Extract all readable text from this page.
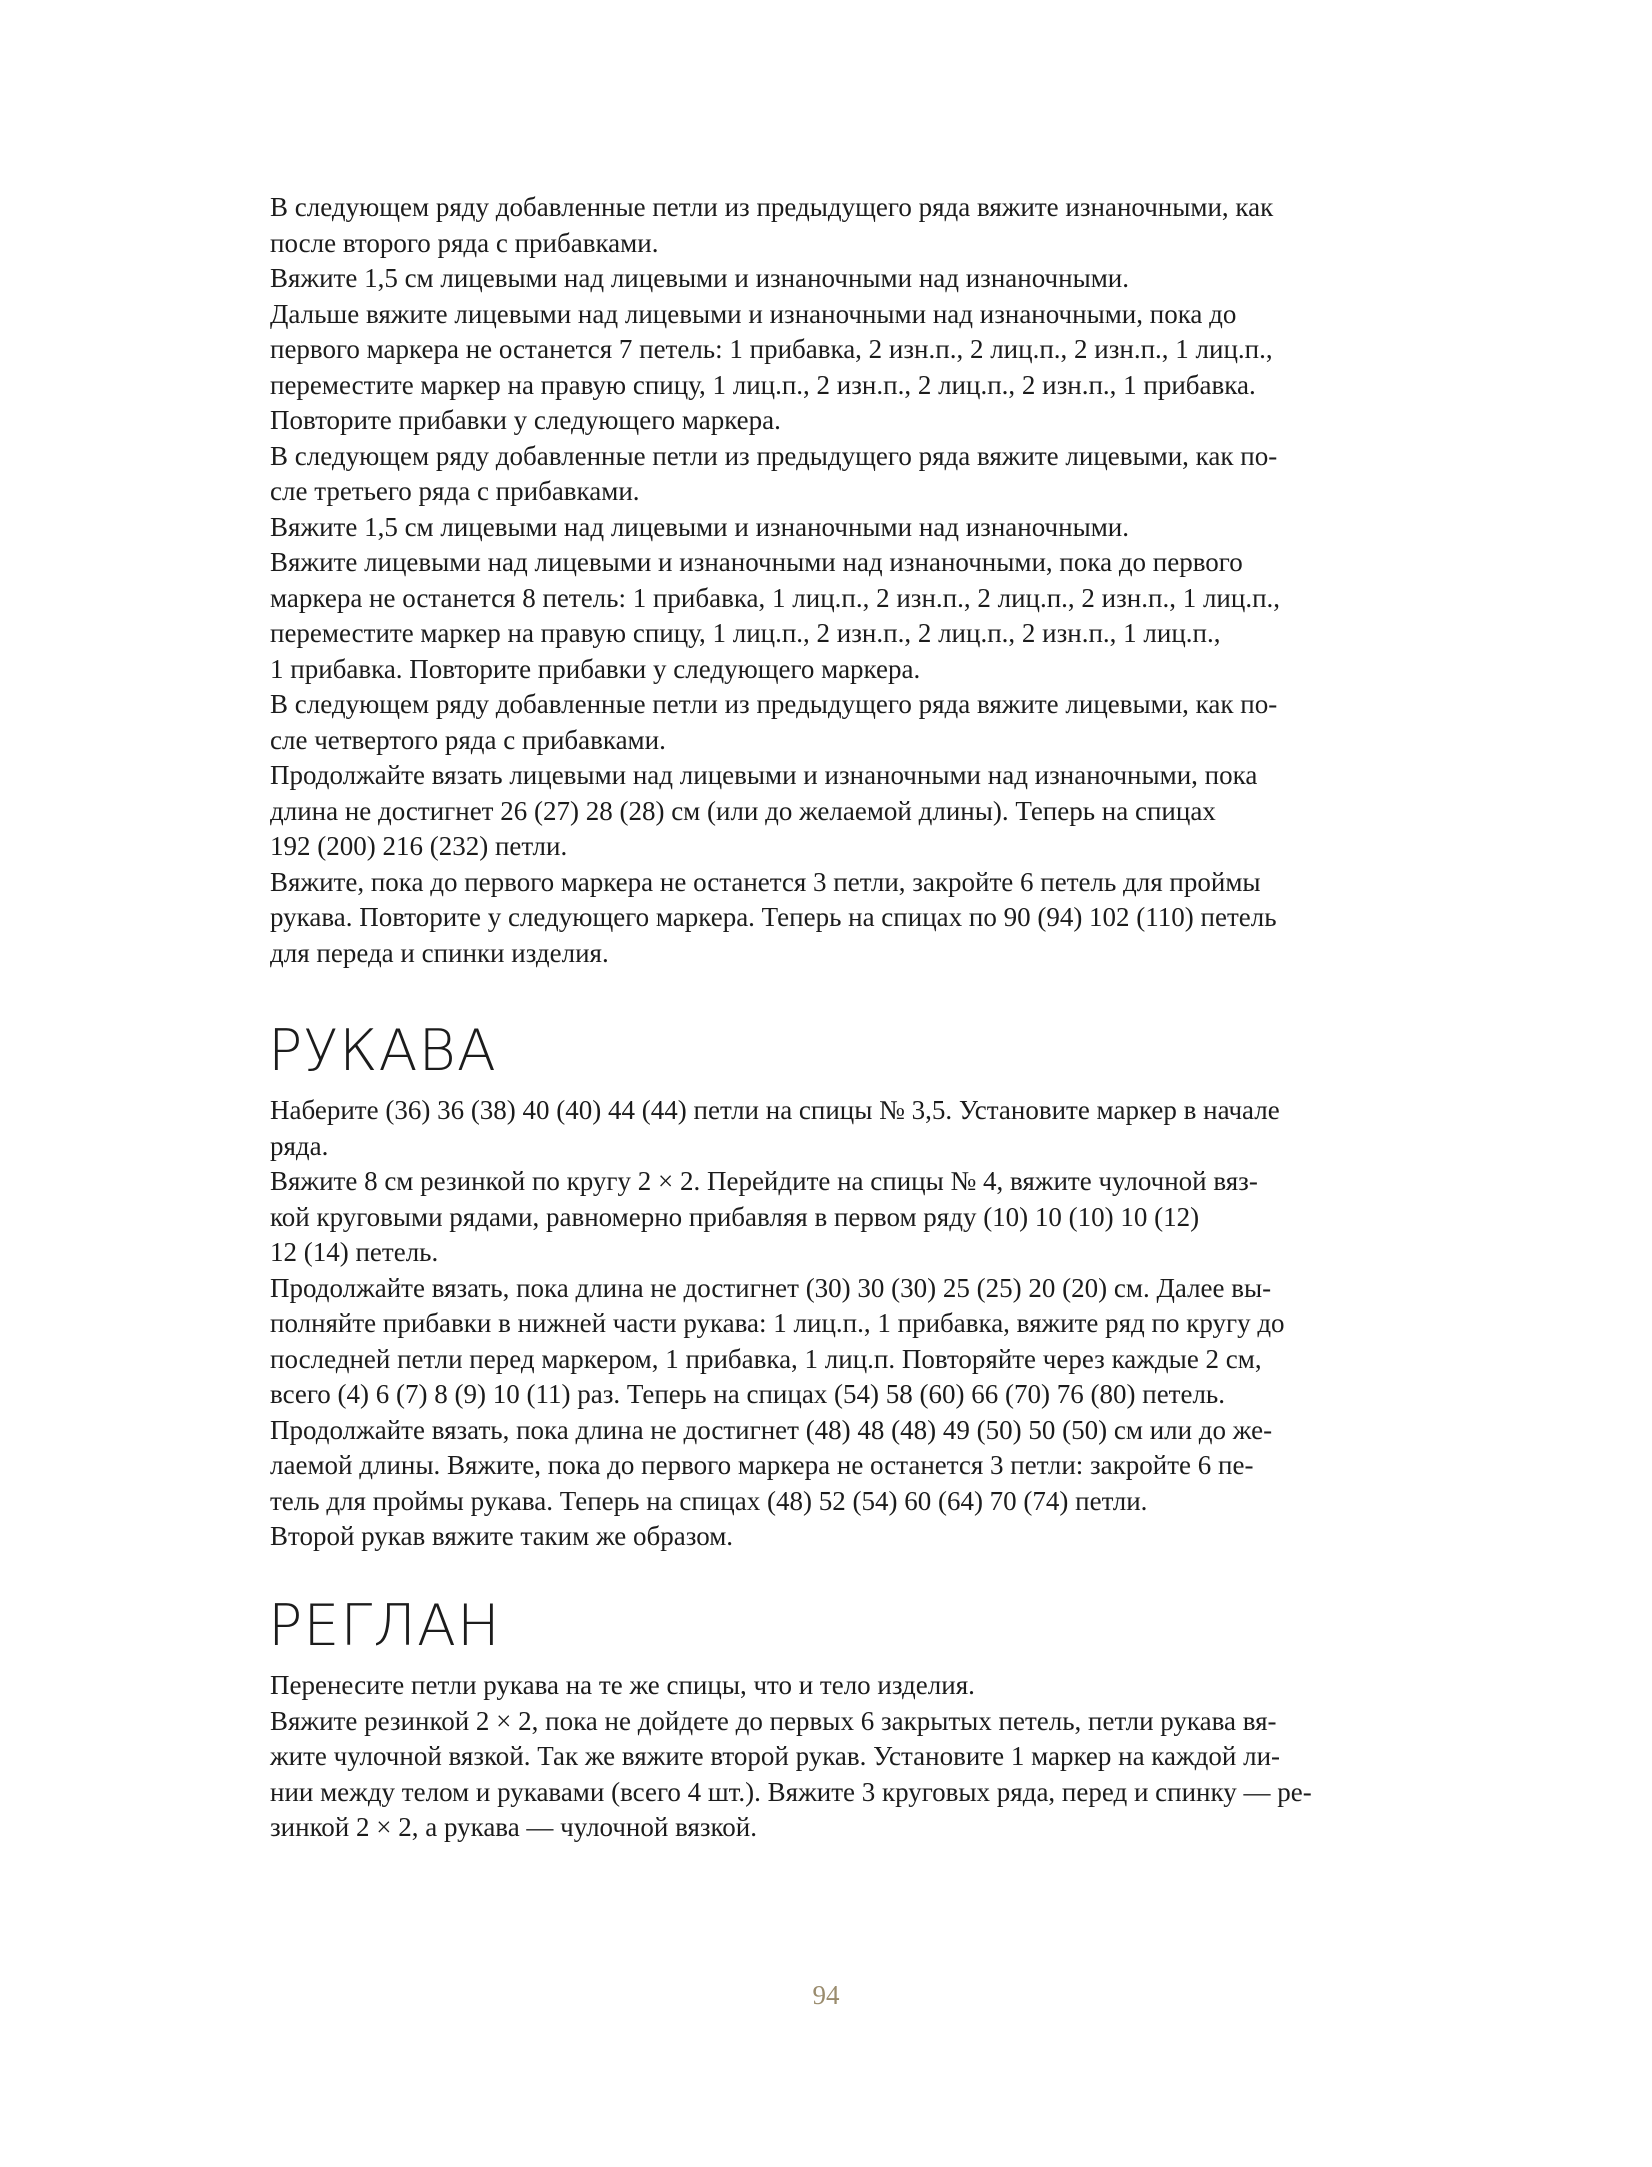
В следующем ряду добавленные петли из предыдущего ряда вяжите изнаночными, как
после второго ряда с прибавками.
Вяжите 1,5 см лицевыми над лицевыми и изнаночными над изнаночными.
Дальше вяжите лицевыми над лицевыми и изнаночными над изнаночными, пока до
первого маркера не останется 7 петель: 1 прибавка, 2 изн.п., 2 лиц.п., 2 изн.п., 1 лиц.п.,
переместите маркер на правую спицу, 1 лиц.п., 2 изн.п., 2 лиц.п., 2 изн.п., 1 прибавка.
Повторите прибавки у следующего маркера.
В следующем ряду добавленные петли из предыдущего ряда вяжите лицевыми, как по-
сле третьего ряда с прибавками.
Вяжите 1,5 см лицевыми над лицевыми и изнаночными над изнаночными.
Вяжите лицевыми над лицевыми и изнаночными над изнаночными, пока до первого
маркера не останется 8 петель: 1 прибавка, 1 лиц.п., 2 изн.п., 2 лиц.п., 2 изн.п., 1 лиц.п.,
переместите маркер на правую спицу, 1 лиц.п., 2 изн.п., 2 лиц.п., 2 изн.п., 1 лиц.п.,
1 прибавка. Повторите прибавки у следующего маркера.
В следующем ряду добавленные петли из предыдущего ряда вяжите лицевыми, как по-
сле четвертого ряда с прибавками.
Продолжайте вязать лицевыми над лицевыми и изнаночными над изнаночными, пока
длина не достигнет 26 (27) 28 (28) см (или до желаемой длины). Теперь на спицах
192 (200) 216 (232) петли.
Вяжите, пока до первого маркера не останется 3 петли, закройте 6 петель для проймы
рукава. Повторите у следующего маркера. Теперь на спицах по 90 (94) 102 (110) петель
для переда и спинки изделия.
РУКАВА
Наберите (36) 36 (38) 40 (40) 44 (44) петли на спицы № 3,5. Установите маркер в начале
ряда.
Вяжите 8 см резинкой по кругу 2 × 2. Перейдите на спицы № 4, вяжите чулочной вяз-
кой круговыми рядами, равномерно прибавляя в первом ряду (10) 10 (10) 10 (12)
12 (14) петель.
Продолжайте вязать, пока длина не достигнет (30) 30 (30) 25 (25) 20 (20) см. Далее вы-
полняйте прибавки в нижней части рукава: 1 лиц.п., 1 прибавка, вяжите ряд по кругу до
последней петли перед маркером, 1 прибавка, 1 лиц.п. Повторяйте через каждые 2 см,
всего (4) 6 (7) 8 (9) 10 (11) раз. Теперь на спицах (54) 58 (60) 66 (70) 76 (80) петель.
Продолжайте вязать, пока длина не достигнет (48) 48 (48) 49 (50) 50 (50) см или до же-
лаемой длины. Вяжите, пока до первого маркера не останется 3 петли: закройте 6 пе-
тель для проймы рукава. Теперь на спицах (48) 52 (54) 60 (64) 70 (74) петли.
Второй рукав вяжите таким же образом.
РЕГЛАН
Перенесите петли рукава на те же спицы, что и тело изделия.
Вяжите резинкой 2 × 2, пока не дойдете до первых 6 закрытых петель, петли рукава вя-
жите чулочной вязкой. Так же вяжите второй рукав. Установите 1 маркер на каждой ли-
нии между телом и рукавами (всего 4 шт.). Вяжите 3 круговых ряда, перед и спинку — ре-
зинкой 2 × 2, а рукава — чулочной вязкой.
94
